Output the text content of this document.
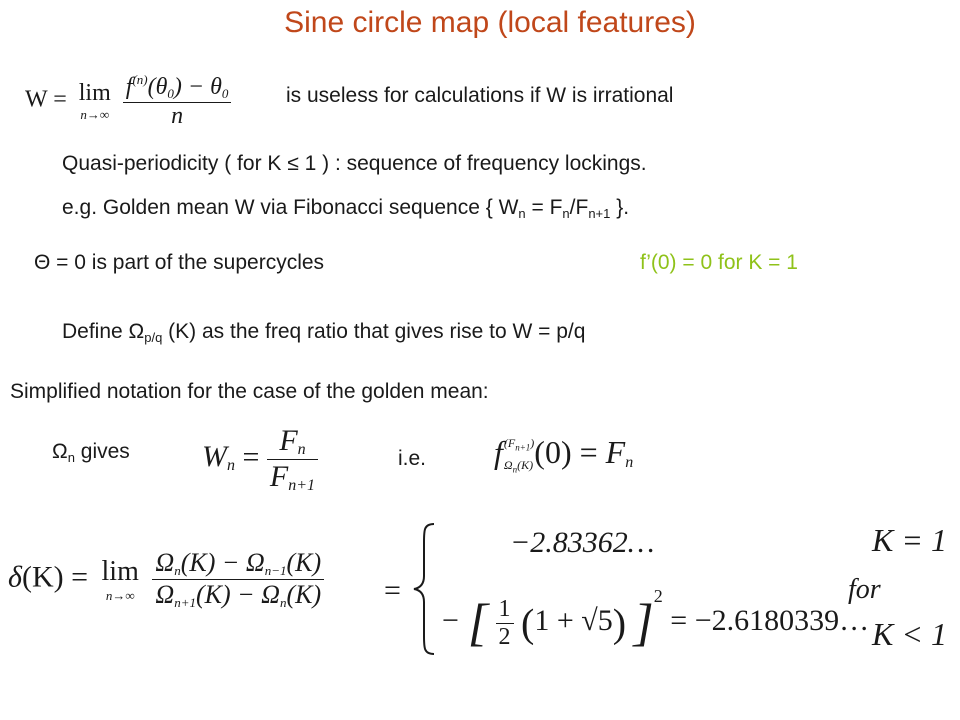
Sine circle map (local features)
W = lim
n→∞
$\frac{f^{(n)}(\theta_0) - \theta_0}{n}$	is useless for calculations if W is irrational
Quasi-periodicity ( for K ≤ 1 ) : sequence of frequency lockings.
e.g. Golden mean W via Fibonacci sequence { $W_n = F_n/F_{n+1}$ }.
Θ = 0 is part of the supercycles	f’(0) = 0 for K = 1
Define $\Omega_{p/q}$ (K) as the freq ratio that gives rise to W = p/q
Simplified notation for the case of the golden mean:
$\Omega_n$ gives $W_n = \frac{F_n}{F_{n+1}}$	i.e. f $(F_{n+1})$
$\Omega_n(K) (0) = F_n$
δ(K) = lim
n→∞
$\frac{\Omega_n(K) - \Omega_{n-1}(K)}{\Omega_{n+1}(K) - \Omega_n(K)}$ =
−2.83362…
− [ $\frac{1}{2} (1 + √5) ]^2$ = −2.6180339…
for
K = 1
K < 1
